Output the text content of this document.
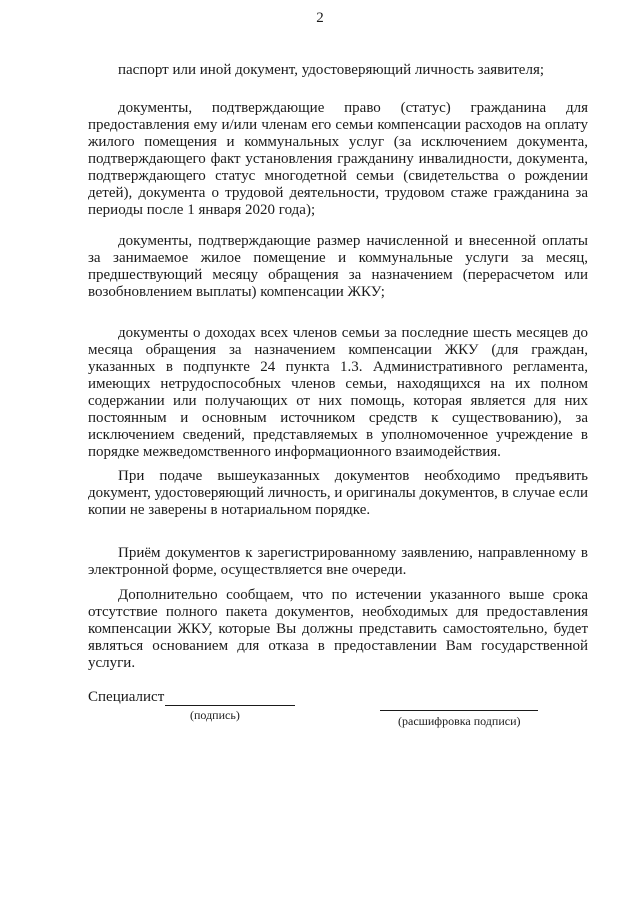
2

паспорт или иной документ, удостоверяющий личность заявителя;

документы, подтверждающие право (статус) гражданина для предоставления ему и/или членам его семьи компенсации расходов на оплату жилого помещения и коммунальных услуг (за исключением документа, подтверждающего факт установления гражданину инвалидности, документа, подтверждающего статус многодетной семьи (свидетельства о рождении детей), документа о трудовой деятельности, трудовом стаже гражданина за периоды после 1 января 2020 года);

документы, подтверждающие размер начисленной и внесенной оплаты за занимаемое жилое помещение и коммунальные услуги за месяц, предшествующий месяцу обращения за назначением (перерасчетом или возобновлением выплаты) компенсации ЖКУ;

документы о доходах всех членов семьи за последние шесть месяцев до месяца обращения за назначением компенсации ЖКУ (для граждан, указанных в подпункте 24 пункта 1.3. Административного регламента, имеющих нетрудоспособных членов семьи, находящихся на их полном содержании или получающих от них помощь, которая является для них постоянным и основным источником средств к существованию), за исключением сведений, представляемых в уполномоченное учреждение в порядке межведомственного информационного взаимодействия.

При подаче вышеуказанных документов необходимо предъявить документ, удостоверяющий личность, и оригиналы документов, в случае если копии не заверены в нотариальном порядке.

Приём документов к зарегистрированному заявлению, направленному в электронной форме, осуществляется вне очереди.

Дополнительно сообщаем, что по истечении указанного выше срока отсутствие полного пакета документов, необходимых для предоставления компенсации ЖКУ, которые Вы должны представить самостоятельно, будет являться основанием для отказа в предоставлении Вам государственной услуги.

Специалист
(подпись)	(расшифровка подписи)
